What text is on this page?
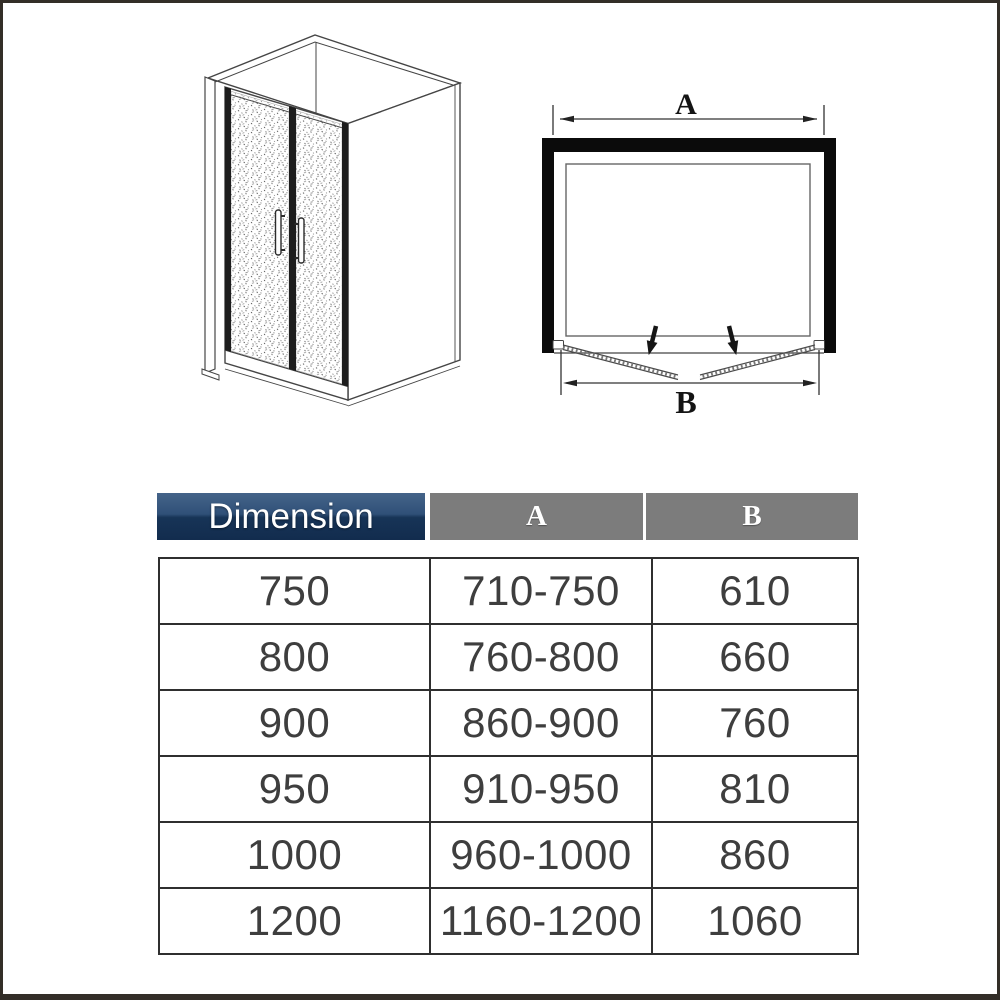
A
B
Dimension	A	B
750	710-750	610
800	760-800	660
900	860-900	760
950	910-950	810
1000	960-1000	860
1200	1160-1200	1060
